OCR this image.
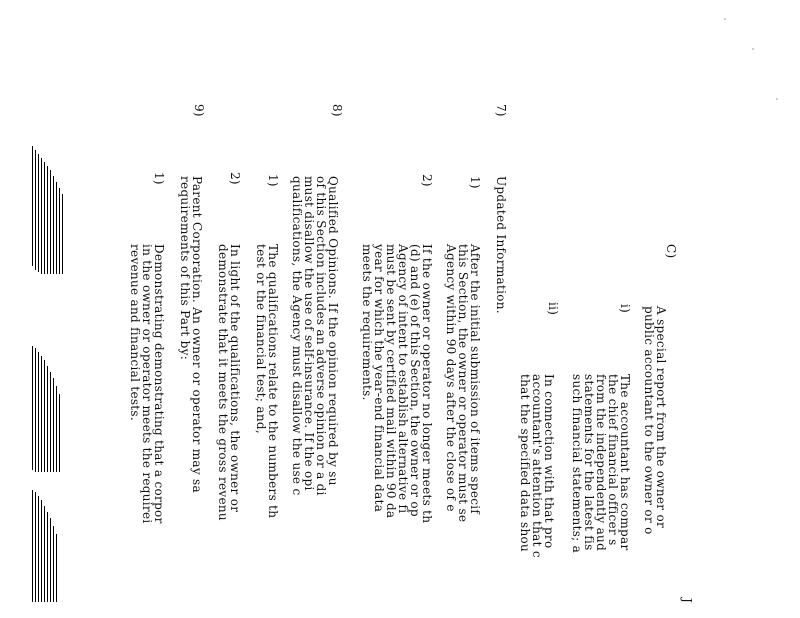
J
C)
A special report from the owner or
public accountant to the owner or o
i)
The accountant has compar
the chief financial officer s
from the independently aud
statements for the latest fis
such financial statements; a
ii)
In connection with that pro
accountant's attention that c
that the specified data shou
7)
Updated Information.
1)
After the initial submission of items specif
this Section, the owner or operator must se
Agency within 90 days after the close of e
2)
If the owner or operator no longer meets th
(d) and (e) of this Section, the owner or op
Agency of intent to establish alternative fi
must be sent by certified mail within 90 da
year for which the year-end financial data
meets the requirements.
8)
Qualified Opinions. If the opinion required by su
of this Section includes an adverse opinion or a di
must disallow the use of self-insurance. If the opi
qualifications, the Agency must disallow the use c
1)
The qualifications relate to the numbers th
test or the financial test; and,
2)
In light of the qualifications, the owner or
demonstrate that it meets the gross revenu
9)
Parent Corporation. An owner or operator may sa
requirements of this Part by:
1)
Demonstrating demonstrating that a corpor
in the owner or operator meets the requirei
revenue and financial tests.
